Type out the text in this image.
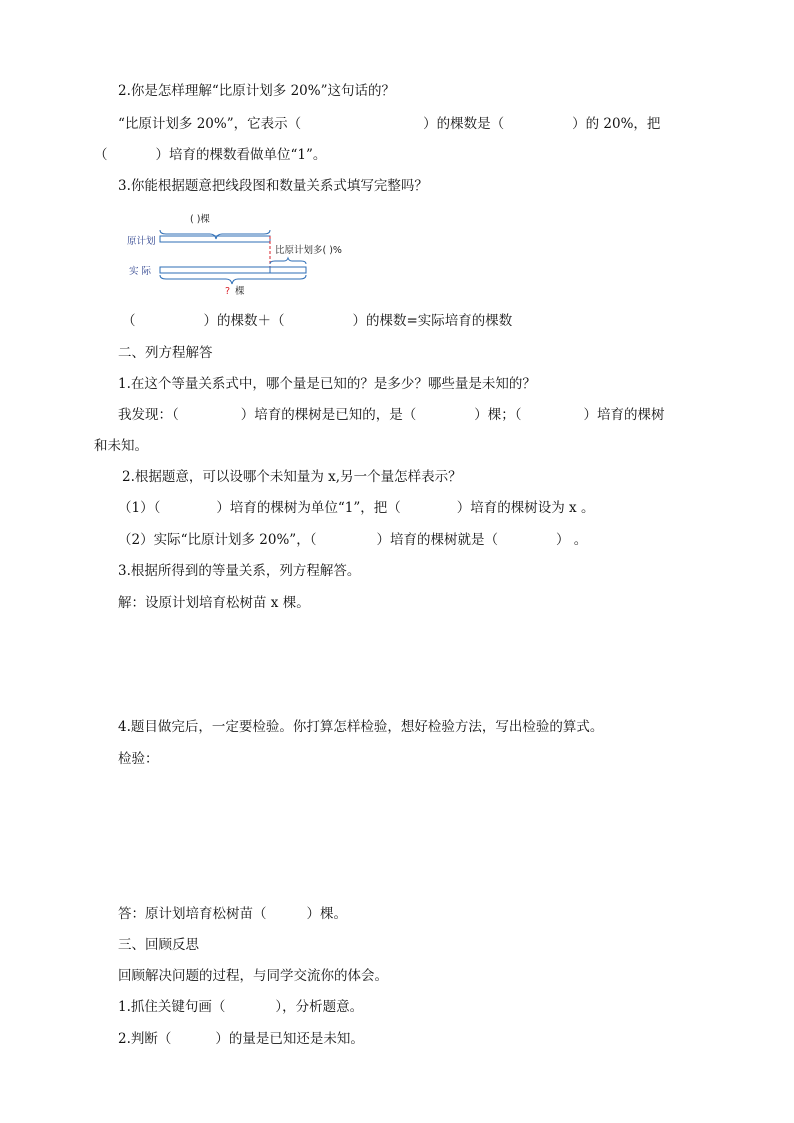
2.你是怎样理解“比原计划多 20%”这句话的？
“比原计划多 20%”，它表示（	）的棵数是（	）的 20%，把
（	）培育的棵数看做单位“1”。
3.你能根据题意把线段图和数量关系式填写完整吗？
( )棵
原计划
比原计划多( )%
实 际
? 棵
（	）的棵数＋（	）的棵数=实际培育的棵数
二、列方程解答
1.在这个等量关系式中，哪个量是已知的？是多少？哪些量是未知的？
我发现：（	）培育的棵树是已知的，是（	）棵；（	）培育的棵树
和未知。
2.根据题意，可以设哪个未知量为 x,另一个量怎样表示？
（1）（	）培育的棵树为单位“1”，把（	）培育的棵树设为 x 。
（2）实际“比原计划多 20%”，（	）培育的棵树就是（	） 。
3.根据所得到的等量关系，列方程解答。
解：设原计划培育松树苗 x 棵。
4.题目做完后，一定要检验。你打算怎样检验，想好检验方法，写出检验的算式。
检验：
答：原计划培育松树苗（	）棵。
三、回顾反思
回顾解决问题的过程，与同学交流你的体会。
1.抓住关键句画（	），分析题意。
2.判断（	）的量是已知还是未知。
